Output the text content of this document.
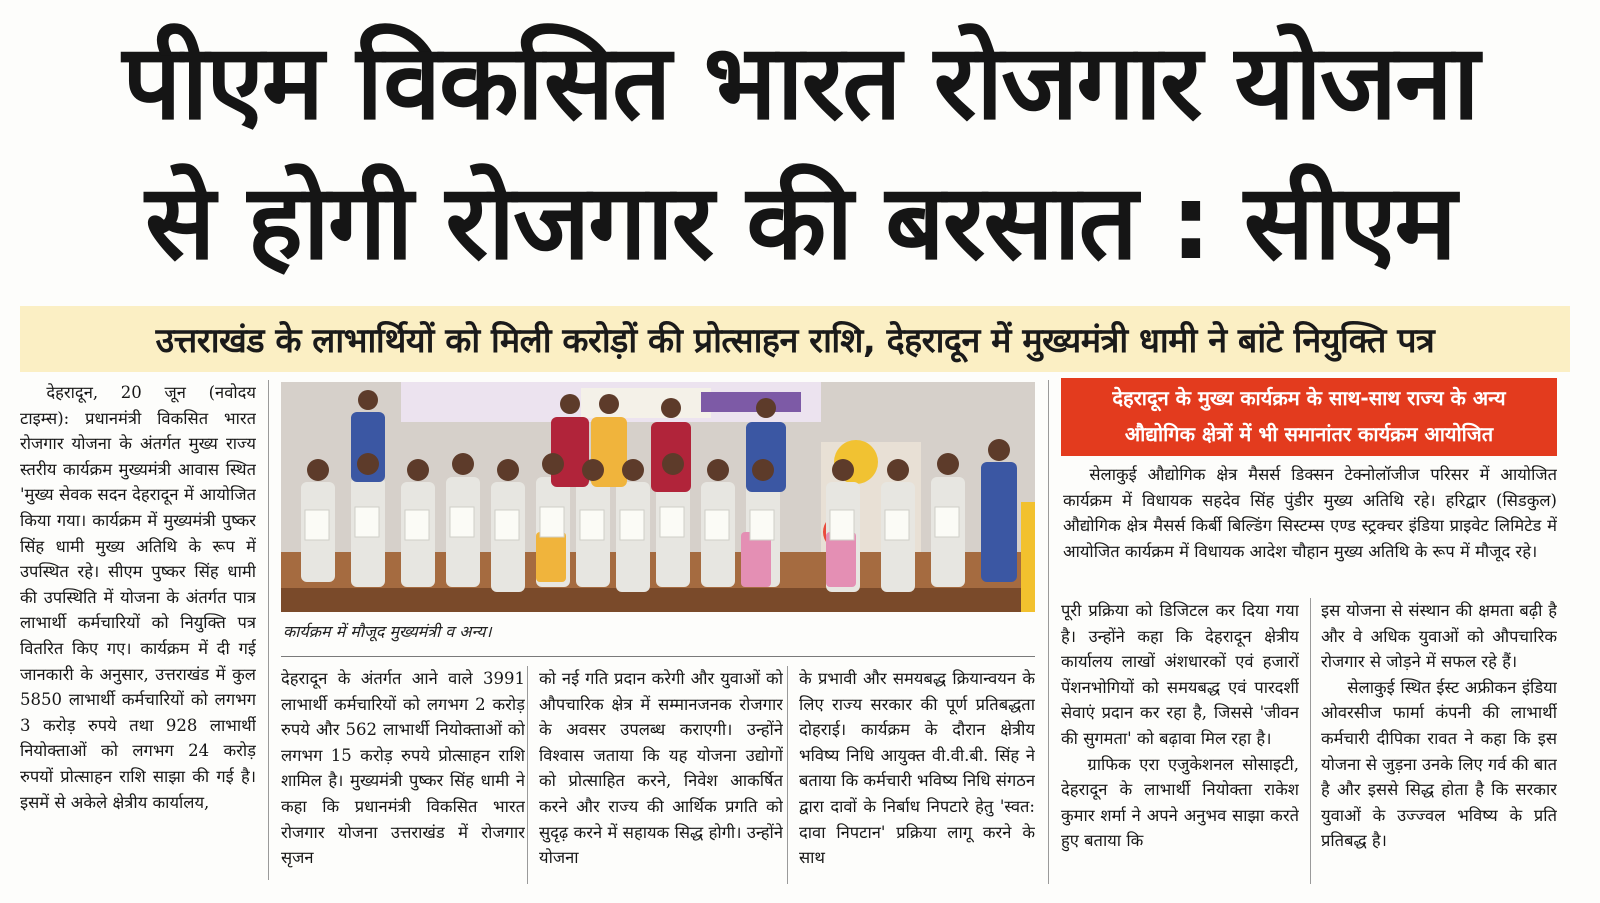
पीएम विकसित भारत रोजगार योजना
से होगी रोजगार की बरसात : सीएम
उत्तराखंड के लाभार्थियों को मिली करोड़ों की प्रोत्साहन राशि, देहरादून में मुख्यमंत्री धामी ने बांटे नियुक्ति पत्र

देहरादून, 20 जून (नवोदय टाइम्स): प्रधानमंत्री विकसित भारत रोजगार योजना के अंतर्गत मुख्य राज्य स्तरीय कार्यक्रम मुख्यमंत्री आवास स्थित 'मुख्य सेवक सदन देहरादून में आयोजित किया गया। कार्यक्रम में मुख्यमंत्री पुष्कर सिंह धामी मुख्य अतिथि के रूप में उपस्थित रहे। सीएम पुष्कर सिंह धामी की उपस्थिति में योजना के अंतर्गत पात्र लाभार्थी कर्मचारियों को नियुक्ति पत्र वितरित किए गए। कार्यक्रम में दी गई जानकारी के अनुसार, उत्तराखंड में कुल 5850 लाभार्थी कर्मचारियों को लगभग 3 करोड़ रुपये तथा 928 लाभार्थी नियोक्ताओं को लगभग 24 करोड़ रुपयों प्रोत्साहन राशि साझा की गई है। इसमें से अकेले क्षेत्रीय कार्यालय,

कार्यक्रम में मौजूद मुख्यमंत्री व अन्य।

देहरादून के अंतर्गत आने वाले 3991 लाभार्थी कर्मचारियों को लगभग 2 करोड़ रुपये और 562 लाभार्थी नियोक्ताओं को लगभग 15 करोड़ रुपये प्रोत्साहन राशि शामिल है। मुख्यमंत्री पुष्कर सिंह धामी ने कहा कि प्रधानमंत्री विकसित भारत रोजगार योजना उत्तराखंड में रोजगार सृजन

को नई गति प्रदान करेगी और युवाओं को औपचारिक क्षेत्र में सम्मानजनक रोजगार के अवसर उपलब्ध कराएगी। उन्होंने विश्वास जताया कि यह योजना उद्योगों को प्रोत्साहित करने, निवेश आकर्षित करने और राज्य की आर्थिक प्रगति को सुदृढ़ करने में सहायक सिद्ध होगी। उन्होंने योजना

के प्रभावी और समयबद्ध क्रियान्वयन के लिए राज्य सरकार की पूर्ण प्रतिबद्धता दोहराई। कार्यक्रम के दौरान क्षेत्रीय भविष्य निधि आयुक्त वी.वी.बी. सिंह ने बताया कि कर्मचारी भविष्य निधि संगठन द्वारा दावों के निर्बाध निपटारे हेतु 'स्वत: दावा निपटान' प्रक्रिया लागू करने के साथ

देहरादून के मुख्य कार्यक्रम के साथ-साथ राज्य के अन्य
औद्योगिक क्षेत्रों में भी समानांतर कार्यक्रम आयोजित

सेलाकुई औद्योगिक क्षेत्र मैसर्स डिक्सन टेक्नोलॉजीज परिसर में आयोजित कार्यक्रम में विधायक सहदेव सिंह पुंडीर मुख्य अतिथि रहे। हरिद्वार (सिडकुल) औद्योगिक क्षेत्र मैसर्स किर्बी बिल्डिंग सिस्टम्स एण्ड स्ट्रक्चर इंडिया प्राइवेट लिमिटेड में आयोजित कार्यक्रम में विधायक आदेश चौहान मुख्य अतिथि के रूप में मौजूद रहे।

पूरी प्रक्रिया को डिजिटल कर दिया गया है। उन्होंने कहा कि देहरादून क्षेत्रीय कार्यालय लाखों अंशधारकों एवं हजारों पेंशनभोगियों को समयबद्ध एवं पारदर्शी सेवाएं प्रदान कर रहा है, जिससे 'जीवन की सुगमता' को बढ़ावा मिल रहा है।

ग्राफिक एरा एजुकेशनल सोसाइटी, देहरादून के लाभार्थी नियोक्ता राकेश कुमार शर्मा ने अपने अनुभव साझा करते हुए बताया कि

इस योजना से संस्थान की क्षमता बढ़ी है और वे अधिक युवाओं को औपचारिक रोजगार से जोड़ने में सफल रहे हैं।

सेलाकुई स्थित ईस्ट अफ्रीकन इंडिया ओवरसीज फार्मा कंपनी की लाभार्थी कर्मचारी दीपिका रावत ने कहा कि इस योजना से जुड़ना उनके लिए गर्व की बात है और इससे सिद्ध होता है कि सरकार युवाओं के उज्ज्वल भविष्य के प्रति प्रतिबद्ध है।
